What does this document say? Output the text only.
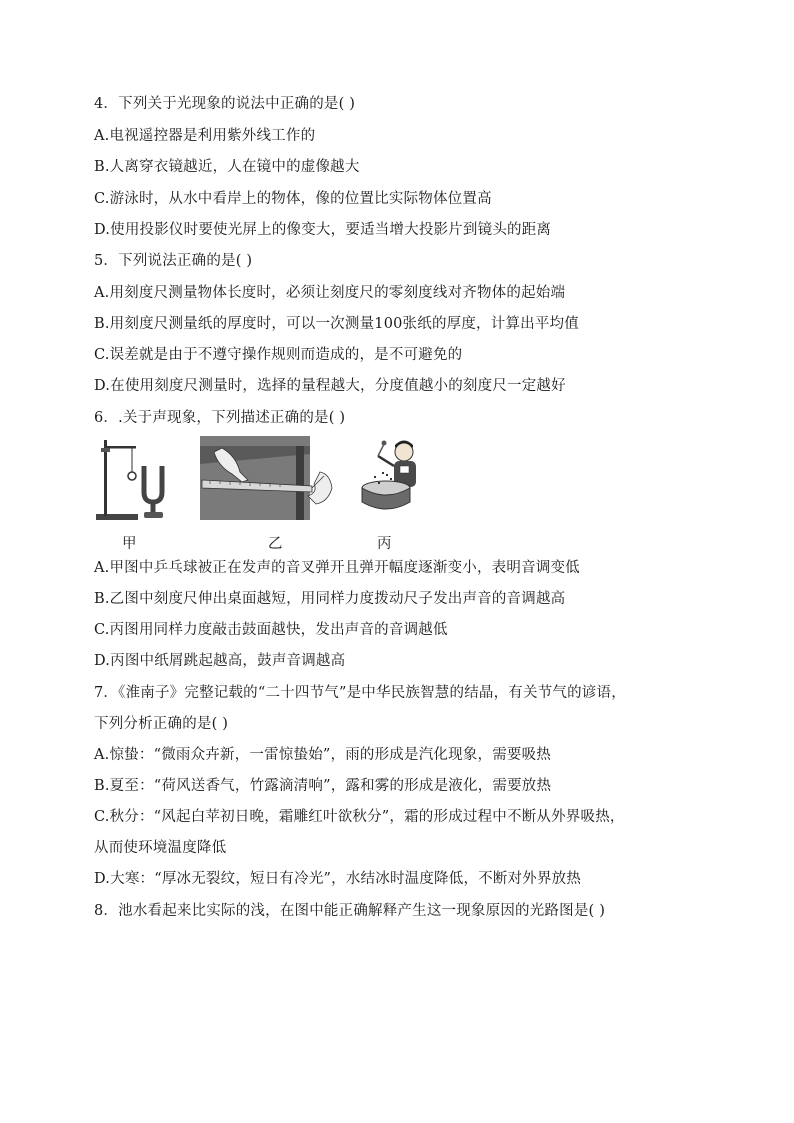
4．下列关于光现象的说法中正确的是( )
A.电视遥控器是利用紫外线工作的
B.人离穿衣镜越近，人在镜中的虚像越大
C.游泳时，从水中看岸上的物体，像的位置比实际物体位置高
D.使用投影仪时要使光屏上的像变大，要适当增大投影片到镜头的距离
5．下列说法正确的是( )
A.用刻度尺测量物体长度时，必须让刻度尺的零刻度线对齐物体的起始端
B.用刻度尺测量纸的厚度时，可以一次测量100张纸的厚度，计算出平均值
C.误差就是由于不遵守操作规则而造成的，是不可避免的
D.在使用刻度尺测量时，选择的量程越大，分度值越小的刻度尺一定越好
6．.关于声现象，下列描述正确的是( )
甲	乙	丙
A.甲图中乒乓球被正在发声的音叉弹开且弹开幅度逐渐变小，表明音调变低
B.乙图中刻度尺伸出桌面越短，用同样力度拨动尺子发出声音的音调越高
C.丙图用同样力度敲击鼓面越快，发出声音的音调越低
D.丙图中纸屑跳起越高，鼓声音调越高
7．《淮南子》完整记载的“二十四节气”是中华民族智慧的结晶，有关节气的谚语，
下列分析正确的是( )
A.惊蛰：“微雨众卉新，一雷惊蛰始”，雨的形成是汽化现象，需要吸热
B.夏至：“荷风送香气，竹露滴清响”，露和雾的形成是液化，需要放热
C.秋分：“风起白苹初日晚，霜雕红叶欲秋分”，霜的形成过程中不断从外界吸热，
从而使环境温度降低
D.大寒：“厚冰无裂纹，短日有冷光”，水结冰时温度降低，不断对外界放热
8．池水看起来比实际的浅，在图中能正确解释产生这一现象原因的光路图是( )
